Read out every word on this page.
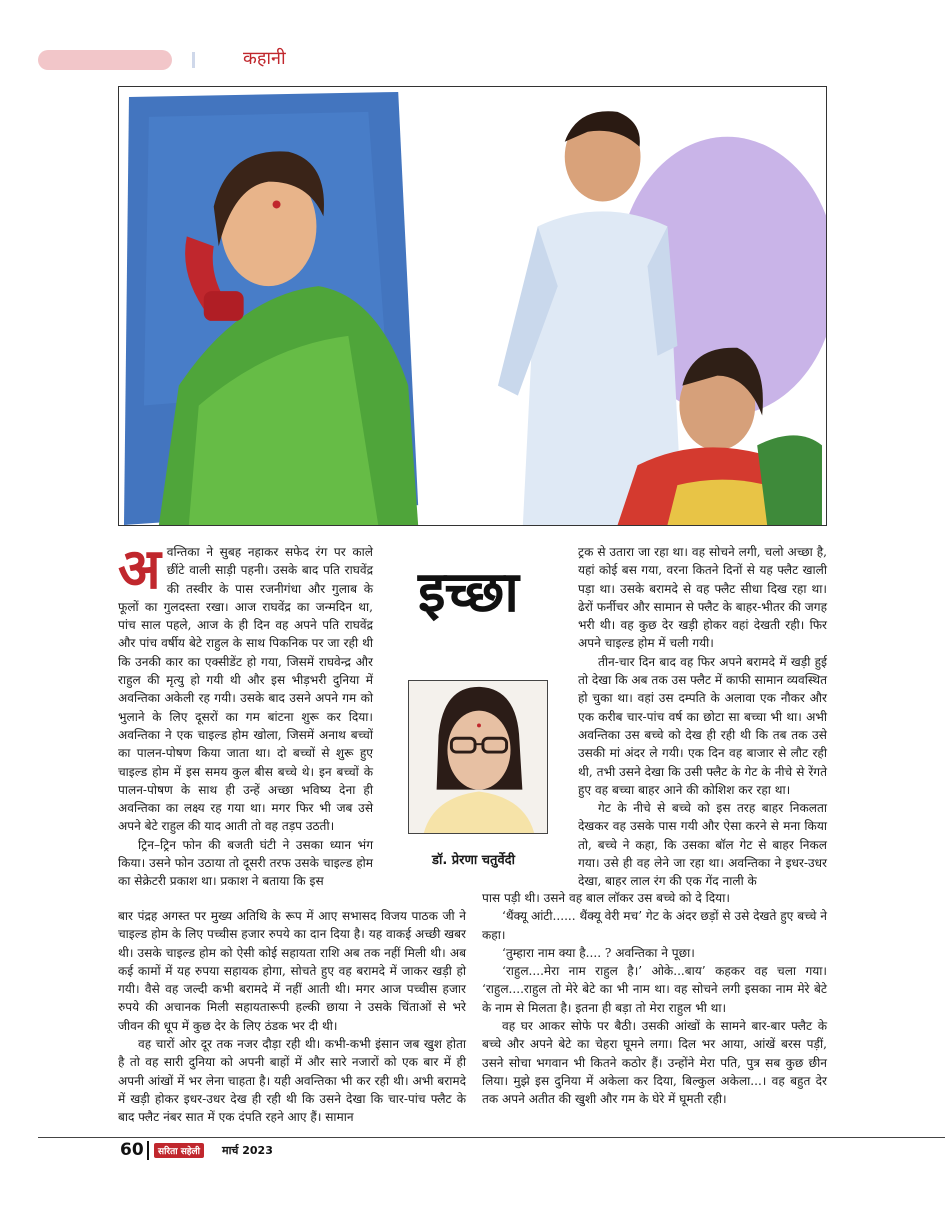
कहानी
अ वन्तिका ने सुबह नहाकर सफेद रंग पर काले छींटे वाली साड़ी पहनी। उसके बाद पति राघवेंद्र की तस्वीर के पास रजनीगंधा और गुलाब के फूलों का गुलदस्ता रखा। आज राघवेंद्र का जन्मदिन था, पांच साल पहले, आज के ही दिन वह अपने पति राघवेंद्र और पांच वर्षीय बेटे राहुल के साथ पिकनिक पर जा रही थी कि उनकी कार का एक्सीडेंट हो गया, जिसमें राघवेन्द्र और राहुल की मृत्यु हो गयी थी और इस भीड़भरी दुनिया में अवन्तिका अकेली रह गयी। उसके बाद उसने अपने गम को भुलाने के लिए दूसरों का गम बांटना शुरू कर दिया। अवन्तिका ने एक चाइल्ड होम खोला, जिसमें अनाथ बच्चों का पालन-पोषण किया जाता था। दो बच्चों से शुरू हुए चाइल्ड होम में इस समय कुल बीस बच्चे थे। इन बच्चों के पालन-पोषण के साथ ही उन्हें अच्छा भविष्य देना ही अवन्तिका का लक्ष्य रह गया था। मगर फिर भी जब उसे अपने बेटे राहुल की याद आती तो वह तड़प उठती।

ट्रिन–ट्रिन फोन की बजती घंटी ने उसका ध्यान भंग किया। उसने फोन उठाया तो दूसरी तरफ उसके चाइल्ड होम का सेक्रेटरी प्रकाश था। प्रकाश ने बताया कि इस

इच्छा
डॉ. प्रेरणा चतुर्वेदी

ट्रक से उतारा जा रहा था। वह सोचने लगी, चलो अच्छा है, यहां कोई बस गया, वरना कितने दिनों से यह फ्लैट खाली पड़ा था। उसके बरामदे से वह फ्लैट सीधा दिख रहा था। ढेरों फर्नीचर और सामान से फ्लैट के बाहर-भीतर की जगह भरी थी। वह कुछ देर खड़ी होकर वहां देखती रही। फिर अपने चाइल्ड होम में चली गयी।

तीन-चार दिन बाद वह फिर अपने बरामदे में खड़ी हुई तो देखा कि अब तक उस फ्लैट में काफी सामान व्यवस्थित हो चुका था। वहां उस दम्पति के अलावा एक नौकर और एक करीब चार-पांच वर्ष का छोटा सा बच्चा भी था। अभी अवन्तिका उस बच्चे को देख ही रही थी कि तब तक उसे उसकी मां अंदर ले गयी। एक दिन वह बाजार से लौट रही थी, तभी उसने देखा कि उसी फ्लैट के गेट के नीचे से रेंगते हुए वह बच्चा बाहर आने की कोशिश कर रहा था।

गेट के नीचे से बच्चे को इस तरह बाहर निकलता देखकर वह उसके पास गयी और ऐसा करने से मना किया तो, बच्चे ने कहा, कि उसका बॉल गेट से बाहर निकल गया। उसे ही वह लेने जा रहा था। अवन्तिका ने इधर-उधर देखा, बाहर लाल रंग की एक गेंद नाली के

बार पंद्रह अगस्त पर मुख्य अतिथि के रूप में आए सभासद विजय पाठक जी ने चाइल्ड होम के लिए पच्चीस हजार रुपये का दान दिया है। यह वाकई अच्छी खबर थी। उसके चाइल्ड होम को ऐसी कोई सहायता राशि अब तक नहीं मिली थी। अब कई कामों में यह रुपया सहायक होगा, सोचते हुए वह बरामदे में जाकर खड़ी हो गयी। वैसे वह जल्दी कभी बरामदे में नहीं आती थी। मगर आज पच्चीस हजार रुपये की अचानक मिली सहायतारूपी हल्की छाया ने उसके चिंताओं से भरे जीवन की धूप में कुछ देर के लिए ठंडक भर दी थी।

वह चारों ओर दूर तक नजर दौड़ा रही थी। कभी-कभी इंसान जब खुश होता है तो वह सारी दुनिया को अपनी बाहों में और सारे नजारों को एक बार में ही अपनी आंखों में भर लेना चाहता है। यही अवन्तिका भी कर रही थी। अभी बरामदे में खड़ी होकर इधर-उधर देख ही रही थी कि उसने देखा कि चार-पांच फ्लैट के बाद फ्लैट नंबर सात में एक दंपति रहने आए हैं। सामान

पास पड़ी थी। उसने वह बाल लॉकर उस बच्चे को दे दिया।

‘थैंक्यू आंटी...... थैंक्यू वेरी मच’ गेट के अंदर छड़ों से उसे देखते हुए बच्चे ने कहा।

‘तुम्हारा नाम क्या है.... ? अवन्तिका ने पूछा।

‘राहुल....मेरा नाम राहुल है।’ ओके...बाय’ कहकर वह चला गया। ‘राहुल....राहुल तो मेरे बेटे का भी नाम था। वह सोचने लगी इसका नाम मेरे बेटे के नाम से मिलता है। इतना ही बड़ा तो मेरा राहुल भी था।

वह घर आकर सोफे पर बैठी। उसकी आंखों के सामने बार-बार फ्लैट के बच्चे और अपने बेटे का चेहरा घूमने लगा। दिल भर आया, आंखें बरस पड़ीं, उसने सोचा भगवान भी कितने कठोर हैं। उन्होंने मेरा पति, पुत्र सब कुछ छीन लिया। मुझे इस दुनिया में अकेला कर दिया, बिल्कुल अकेला...। वह बहुत देर तक अपने अतीत की खुशी और गम के घेरे में घूमती रही।

60	सरिता सहेली	मार्च 2023
